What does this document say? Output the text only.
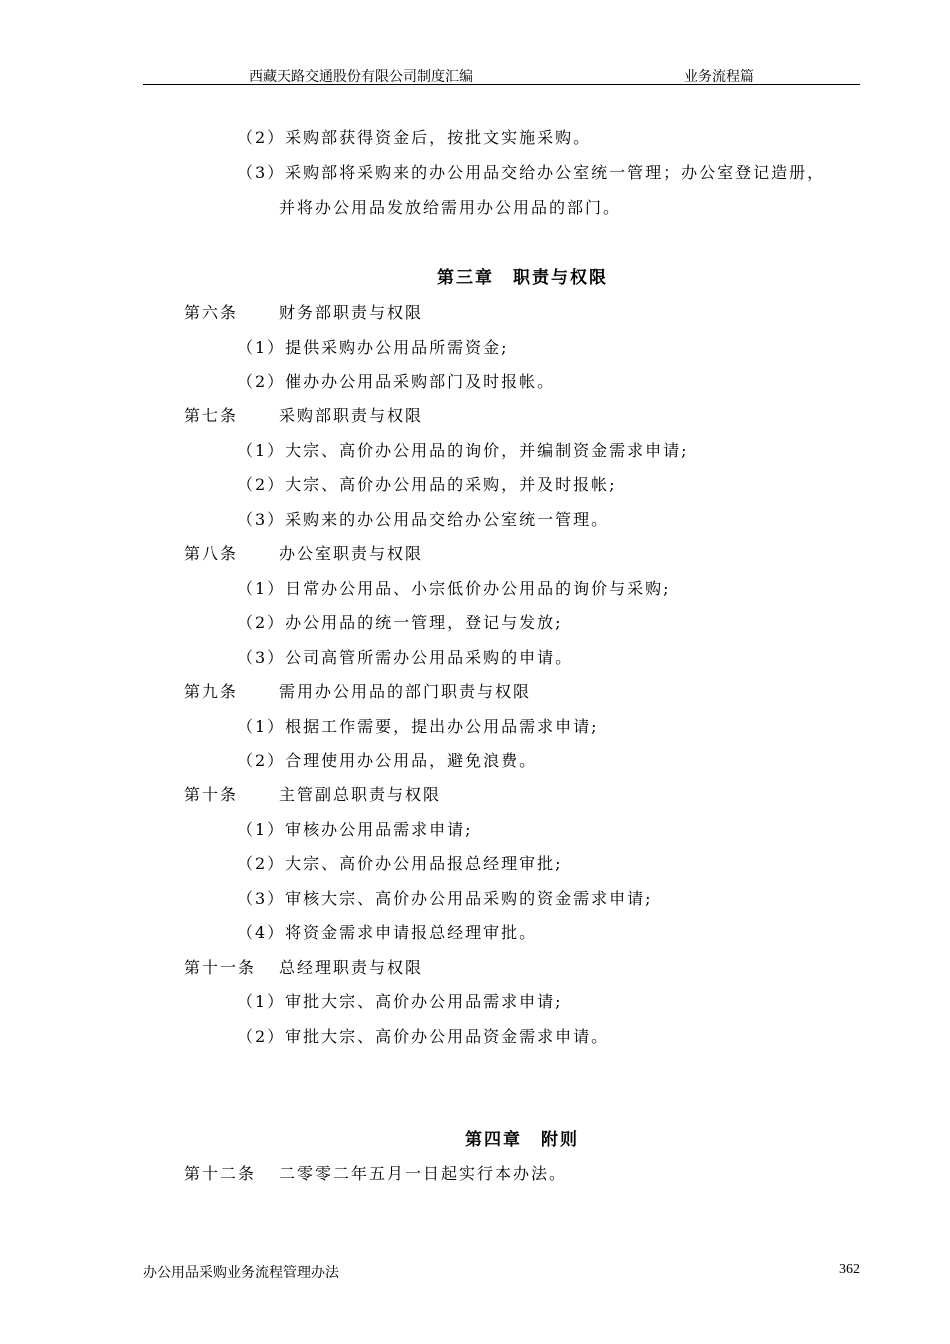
西藏天路交通股份有限公司制度汇编	业务流程篇
（2）采购部获得资金后，按批文实施采购。
（3）采购部将采购来的办公用品交给办公室统一管理；办公室登记造册，
并将办公用品发放给需用办公用品的部门。
第三章　职责与权限
第六条	财务部职责与权限
（1）提供采购办公用品所需资金;
（2）催办办公用品采购部门及时报帐。
第七条	采购部职责与权限
（1）大宗、高价办公用品的询价，并编制资金需求申请;
（2）大宗、高价办公用品的采购，并及时报帐;
（3）采购来的办公用品交给办公室统一管理。
第八条	办公室职责与权限
（1）日常办公用品、小宗低价办公用品的询价与采购;
（2）办公用品的统一管理，登记与发放;
（3）公司高管所需办公用品采购的申请。
第九条	需用办公用品的部门职责与权限
（1）根据工作需要，提出办公用品需求申请;
（2）合理使用办公用品，避免浪费。
第十条	主管副总职责与权限
（1）审核办公用品需求申请;
（2）大宗、高价办公用品报总经理审批;
（3）审核大宗、高价办公用品采购的资金需求申请;
（4）将资金需求申请报总经理审批。
第十一条 总经理职责与权限
（1）审批大宗、高价办公用品需求申请;
（2）审批大宗、高价办公用品资金需求申请。
第四章　附则
第十二条 二零零二年五月一日起实行本办法。
办公用品采购业务流程管理办法	362
